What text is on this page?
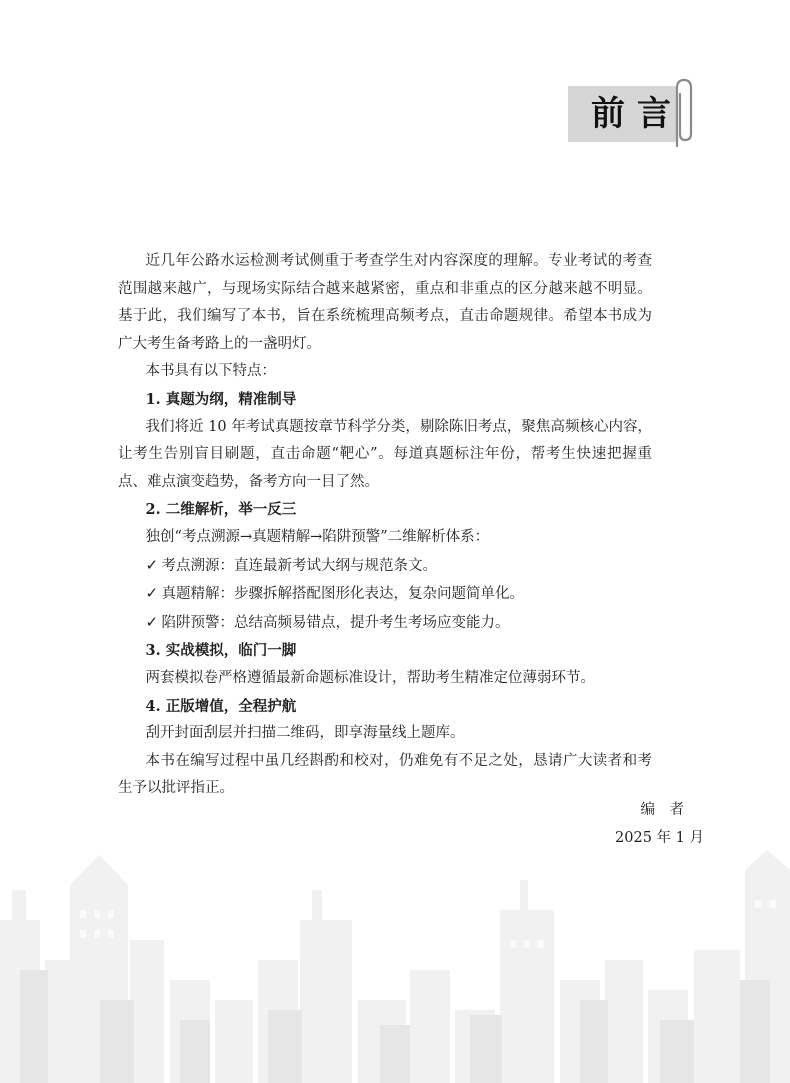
前言

近几年公路水运检测考试侧重于考查学生对内容深度的理解。专业考试的考查范围越来越广，与现场实际结合越来越紧密，重点和非重点的区分越来越不明显。基于此，我们编写了本书，旨在系统梳理高频考点，直击命题规律。希望本书成为广大考生备考路上的一盏明灯。

本书具有以下特点：

1. 真题为纲，精准制导

我们将近 10 年考试真题按章节科学分类，剔除陈旧考点，聚焦高频核心内容，让考生告别盲目刷题，直击命题“靶心”。每道真题标注年份，帮考生快速把握重点、难点演变趋势，备考方向一目了然。

2. 二维解析，举一反三

独创“考点溯源→真题精解→陷阱预警”二维解析体系：

✓ 考点溯源：直连最新考试大纲与规范条文。

✓ 真题精解：步骤拆解搭配图形化表达，复杂问题简单化。

✓ 陷阱预警：总结高频易错点，提升考生考场应变能力。

3. 实战模拟，临门一脚

两套模拟卷严格遵循最新命题标准设计，帮助考生精准定位薄弱环节。

4. 正版增值，全程护航

刮开封面刮层并扫描二维码，即享海量线上题库。

本书在编写过程中虽几经斟酌和校对，仍难免有不足之处，恳请广大读者和考生予以批评指正。

编　者
2025 年 1 月
